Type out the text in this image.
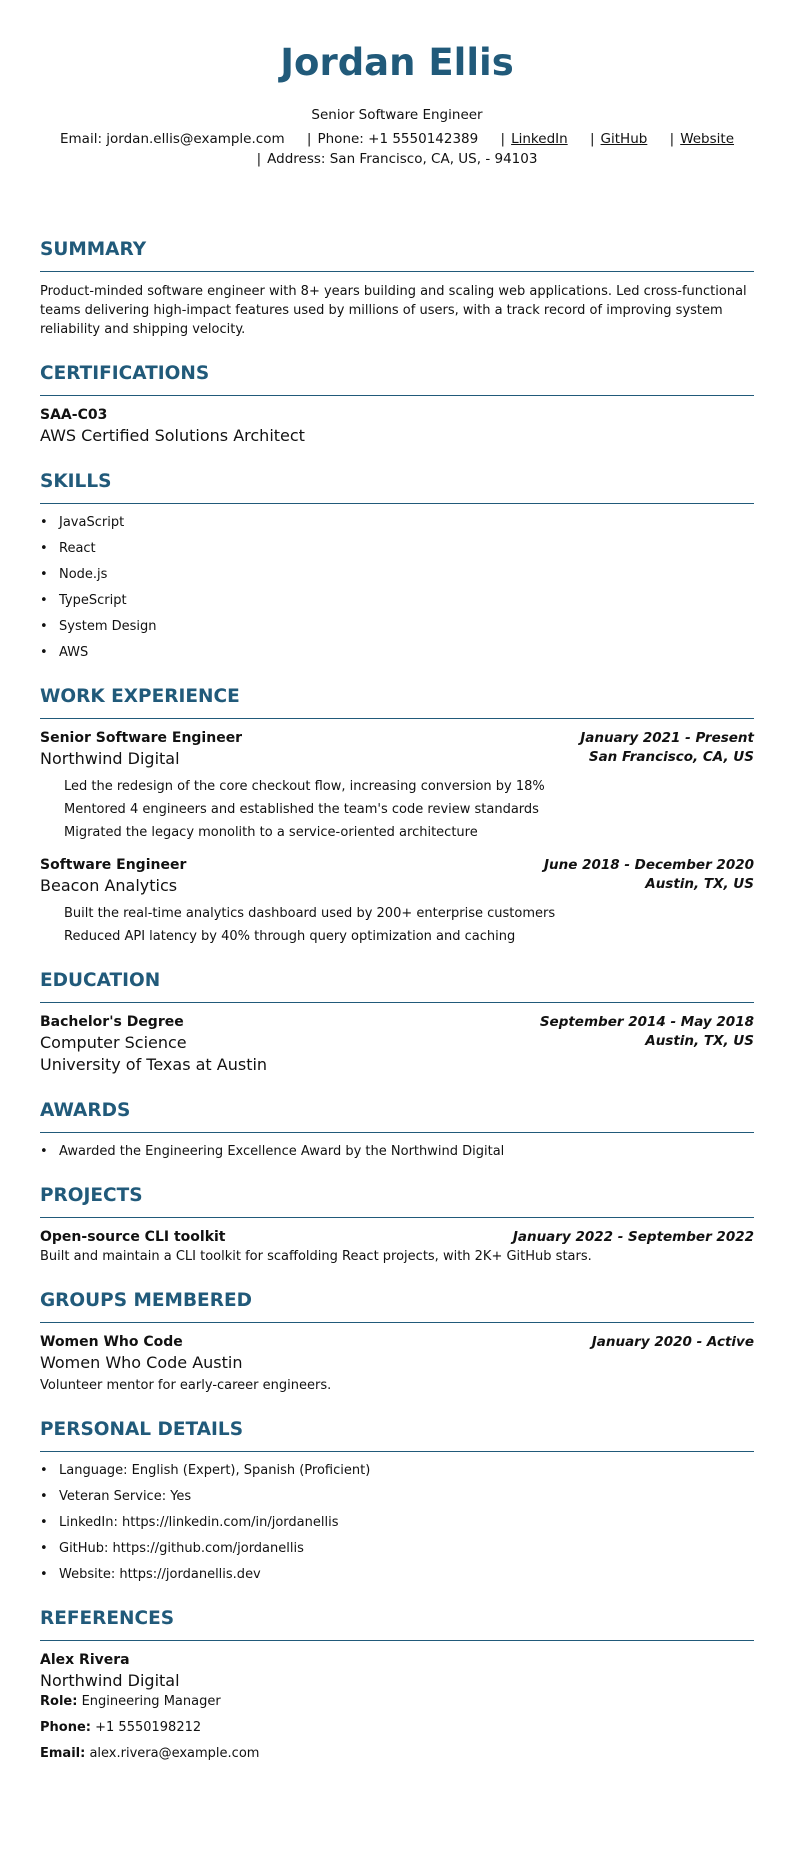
Jordan Ellis
Senior Software Engineer
Email: jordan.ellis@example.com | Phone: +1 5550142389 | LinkedIn | GitHub | Website
| Address: San Francisco, CA, US, - 94103
SUMMARY
Product-minded software engineer with 8+ years building and scaling web applications. Led cross-functional teams delivering high-impact features used by millions of users, with a track record of improving system reliability and shipping velocity.
CERTIFICATIONS
SAA-C03
AWS Certified Solutions Architect
SKILLS
• JavaScript
• React
• Node.js
• TypeScript
• System Design
• AWS
WORK EXPERIENCE
Senior Software Engineer
Northwind Digital
January 2021 - Present
San Francisco, CA, US
Led the redesign of the core checkout flow, increasing conversion by 18%
Mentored 4 engineers and established the team's code review standards
Migrated the legacy monolith to a service-oriented architecture
Software Engineer
Beacon Analytics
June 2018 - December 2020
Austin, TX, US
Built the real-time analytics dashboard used by 200+ enterprise customers
Reduced API latency by 40% through query optimization and caching
EDUCATION
Bachelor's Degree
Computer Science
University of Texas at Austin
September 2014 - May 2018
Austin, TX, US
AWARDS
• Awarded the Engineering Excellence Award by the Northwind Digital
PROJECTS
Open-source CLI toolkit	January 2022 - September 2022
Built and maintain a CLI toolkit for scaffolding React projects, with 2K+ GitHub stars.
GROUPS MEMBERED
Women Who Code
Women Who Code Austin
January 2020 - Active
Volunteer mentor for early-career engineers.
PERSONAL DETAILS
• Language: English (Expert), Spanish (Proficient)
• Veteran Service: Yes
• LinkedIn: https://linkedin.com/in/jordanellis
• GitHub: https://github.com/jordanellis
• Website: https://jordanellis.dev
REFERENCES
Alex Rivera
Northwind Digital
Role: Engineering Manager
Phone: +1 5550198212
Email: alex.rivera@example.com
